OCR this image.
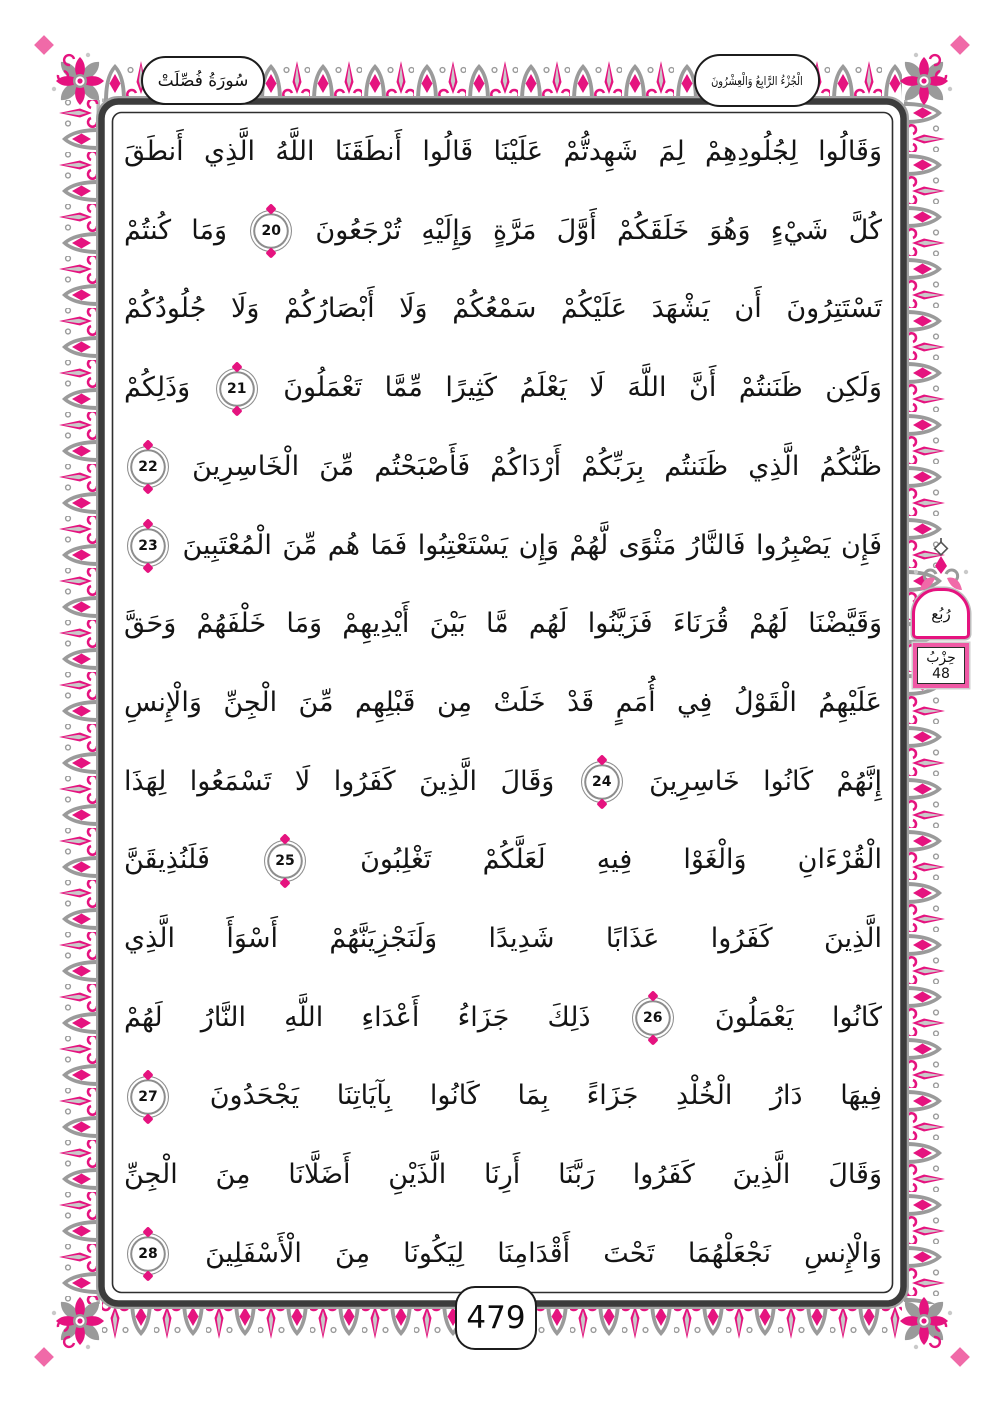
سُورَةُ فُصِّلَتْ	الْجُزْءُ الرَّابِعُ وَالْعِشْرُونَ
رُبُع
حِزْبُ
48
وَقَالُوا لِجُلُودِهِمْ لِمَ شَهِدتُّمْ عَلَيْنَا قَالُوا أَنطَقَنَا اللَّهُ الَّذِي أَنطَقَ
كُلَّ شَيْءٍ وَهُوَ خَلَقَكُمْ أَوَّلَ مَرَّةٍ وَإِلَيْهِ تُرْجَعُونَ
20
وَمَا كُنتُمْ
تَسْتَتِرُونَ أَن يَشْهَدَ عَلَيْكُمْ سَمْعُكُمْ وَلَا أَبْصَارُكُمْ وَلَا جُلُودُكُمْ
وَلَكِن ظَنَنتُمْ أَنَّ اللَّهَ لَا يَعْلَمُ كَثِيرًا مِّمَّا تَعْمَلُونَ
21
وَذَلِكُمْ
ظَنُّكُمُ الَّذِي ظَنَنتُم بِرَبِّكُمْ أَرْدَاكُمْ فَأَصْبَحْتُم مِّنَ الْخَاسِرِينَ
22
فَإِن يَصْبِرُوا فَالنَّارُ مَثْوًى لَّهُمْ وَإِن يَسْتَعْتِبُوا فَمَا هُم مِّنَ الْمُعْتَبِينَ
23
وَقَيَّضْنَا لَهُمْ قُرَنَاءَ فَزَيَّنُوا لَهُم مَّا بَيْنَ أَيْدِيهِمْ وَمَا خَلْفَهُمْ وَحَقَّ
عَلَيْهِمُ الْقَوْلُ فِي أُمَمٍ قَدْ خَلَتْ مِن قَبْلِهِم مِّنَ الْجِنِّ وَالْإِنسِ
إِنَّهُمْ كَانُوا خَاسِرِينَ
24
وَقَالَ الَّذِينَ كَفَرُوا لَا تَسْمَعُوا لِهَذَا
الْقُرْءَانِ وَالْغَوْا فِيهِ لَعَلَّكُمْ تَغْلِبُونَ
25
فَلَنُذِيقَنَّ
الَّذِينَ كَفَرُوا عَذَابًا شَدِيدًا وَلَنَجْزِيَنَّهُمْ أَسْوَأَ الَّذِي
كَانُوا يَعْمَلُونَ
26
ذَلِكَ جَزَاءُ أَعْدَاءِ اللَّهِ النَّارُ لَهُمْ
فِيهَا دَارُ الْخُلْدِ جَزَاءً بِمَا كَانُوا بِآيَاتِنَا يَجْحَدُونَ
27
وَقَالَ الَّذِينَ كَفَرُوا رَبَّنَا أَرِنَا الَّذَيْنِ أَضَلَّانَا مِنَ الْجِنِّ
وَالْإِنسِ نَجْعَلْهُمَا تَحْتَ أَقْدَامِنَا لِيَكُونَا مِنَ الْأَسْفَلِينَ
28
479
